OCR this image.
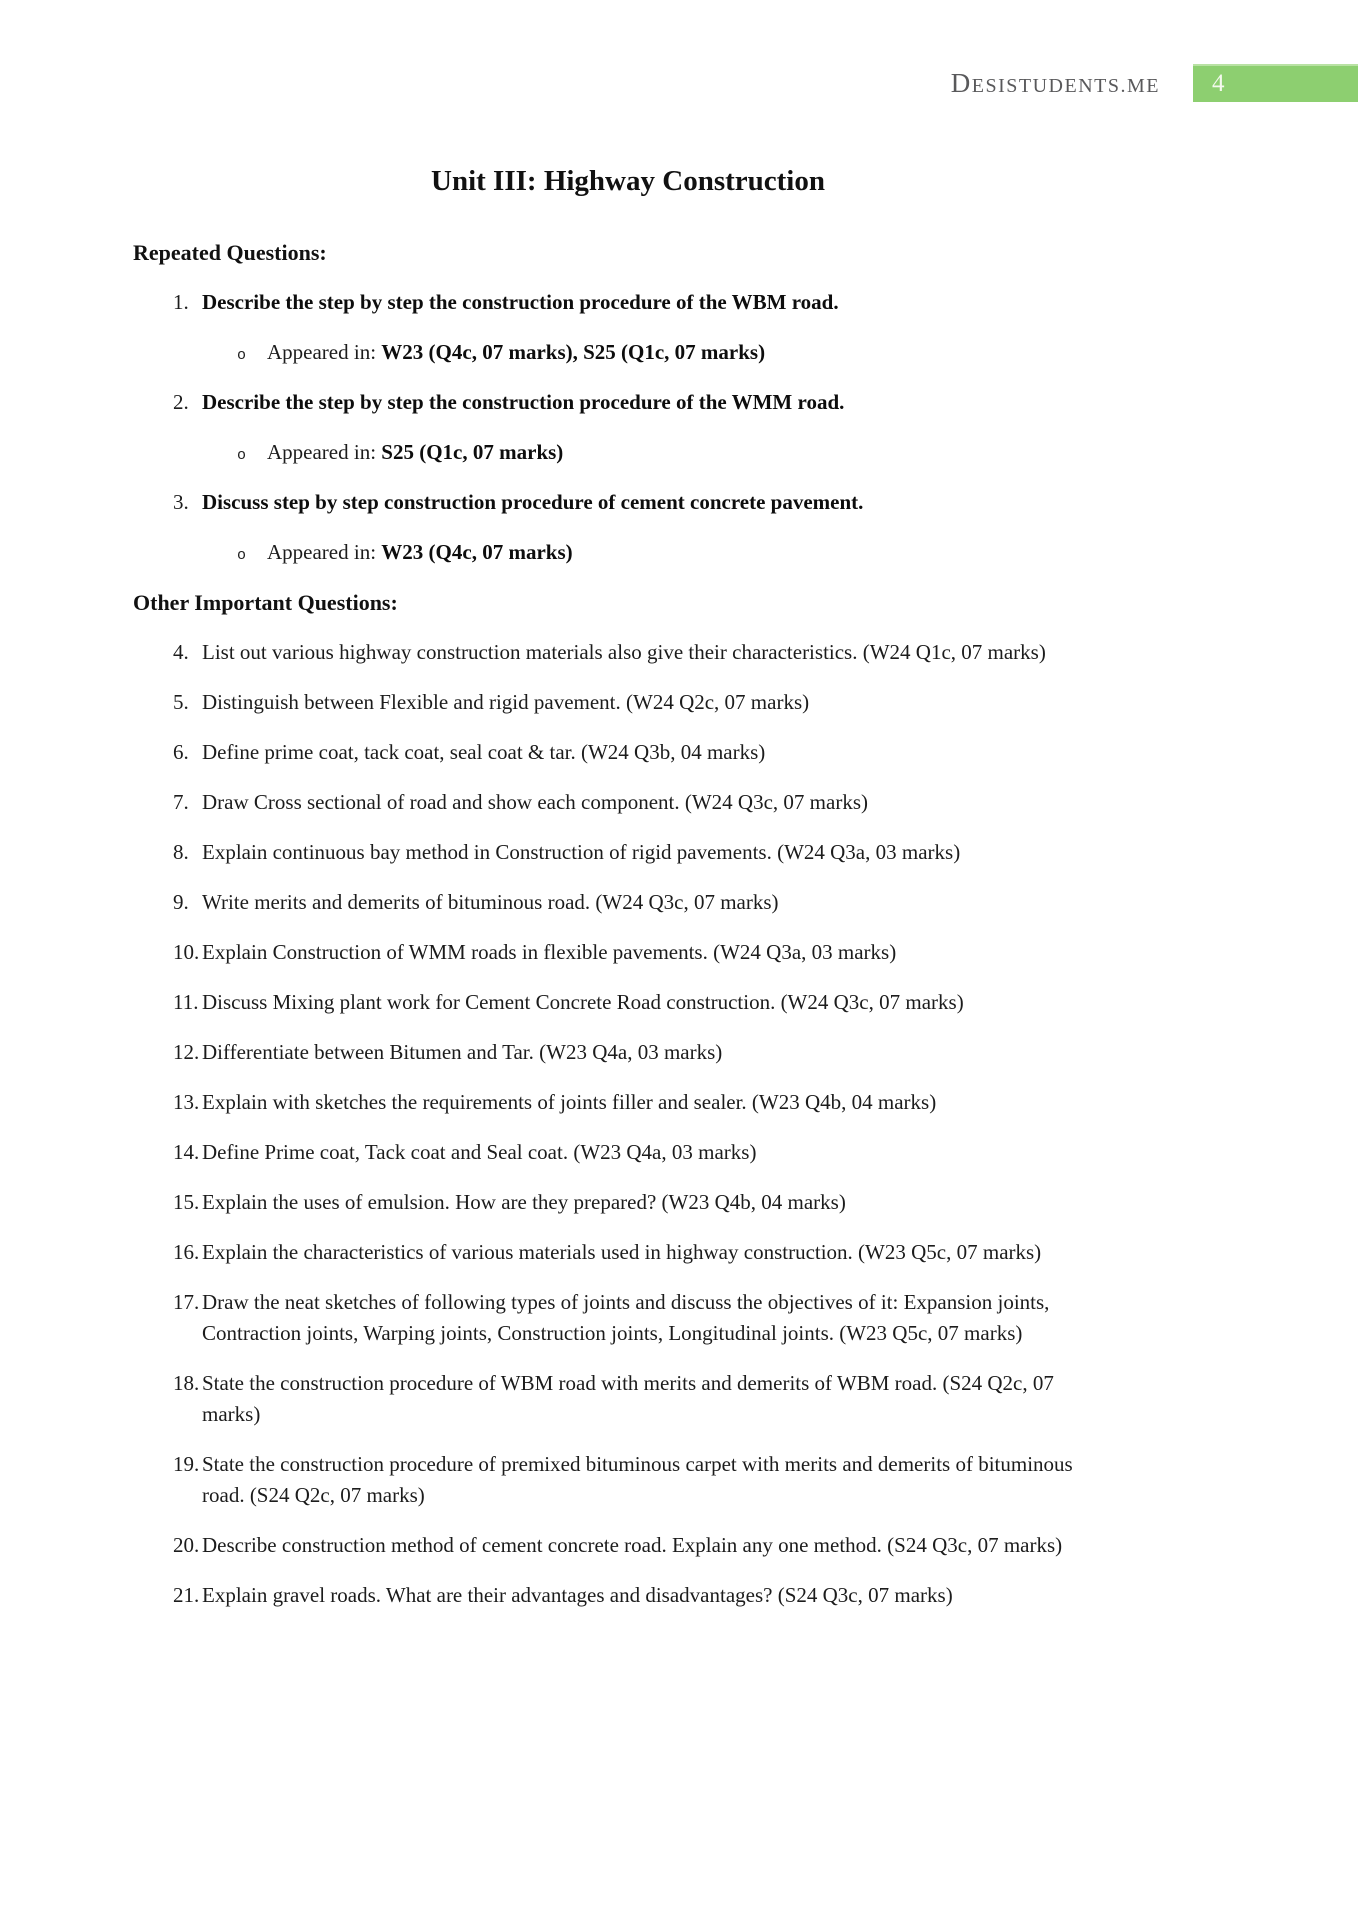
DESISTUDENTS.ME 4
Unit III: Highway Construction
Repeated Questions:
1. Describe the step by step the construction procedure of the WBM road.
o Appeared in: W23 (Q4c, 07 marks), S25 (Q1c, 07 marks)
2. Describe the step by step the construction procedure of the WMM road.
o Appeared in: S25 (Q1c, 07 marks)
3. Discuss step by step construction procedure of cement concrete pavement.
o Appeared in: W23 (Q4c, 07 marks)
Other Important Questions:
4. List out various highway construction materials also give their characteristics. (W24 Q1c, 07 marks)
5. Distinguish between Flexible and rigid pavement. (W24 Q2c, 07 marks)
6. Define prime coat, tack coat, seal coat & tar. (W24 Q3b, 04 marks)
7. Draw Cross sectional of road and show each component. (W24 Q3c, 07 marks)
8. Explain continuous bay method in Construction of rigid pavements. (W24 Q3a, 03 marks)
9. Write merits and demerits of bituminous road. (W24 Q3c, 07 marks)
10. Explain Construction of WMM roads in flexible pavements. (W24 Q3a, 03 marks)
11. Discuss Mixing plant work for Cement Concrete Road construction. (W24 Q3c, 07 marks)
12. Differentiate between Bitumen and Tar. (W23 Q4a, 03 marks)
13. Explain with sketches the requirements of joints filler and sealer. (W23 Q4b, 04 marks)
14. Define Prime coat, Tack coat and Seal coat. (W23 Q4a, 03 marks)
15. Explain the uses of emulsion. How are they prepared? (W23 Q4b, 04 marks)
16. Explain the characteristics of various materials used in highway construction. (W23 Q5c, 07 marks)
17. Draw the neat sketches of following types of joints and discuss the objectives of it: Expansion joints, Contraction joints, Warping joints, Construction joints, Longitudinal joints. (W23 Q5c, 07 marks)
18. State the construction procedure of WBM road with merits and demerits of WBM road. (S24 Q2c, 07 marks)
19. State the construction procedure of premixed bituminous carpet with merits and demerits of bituminous road. (S24 Q2c, 07 marks)
20. Describe construction method of cement concrete road. Explain any one method. (S24 Q3c, 07 marks)
21. Explain gravel roads. What are their advantages and disadvantages? (S24 Q3c, 07 marks)
